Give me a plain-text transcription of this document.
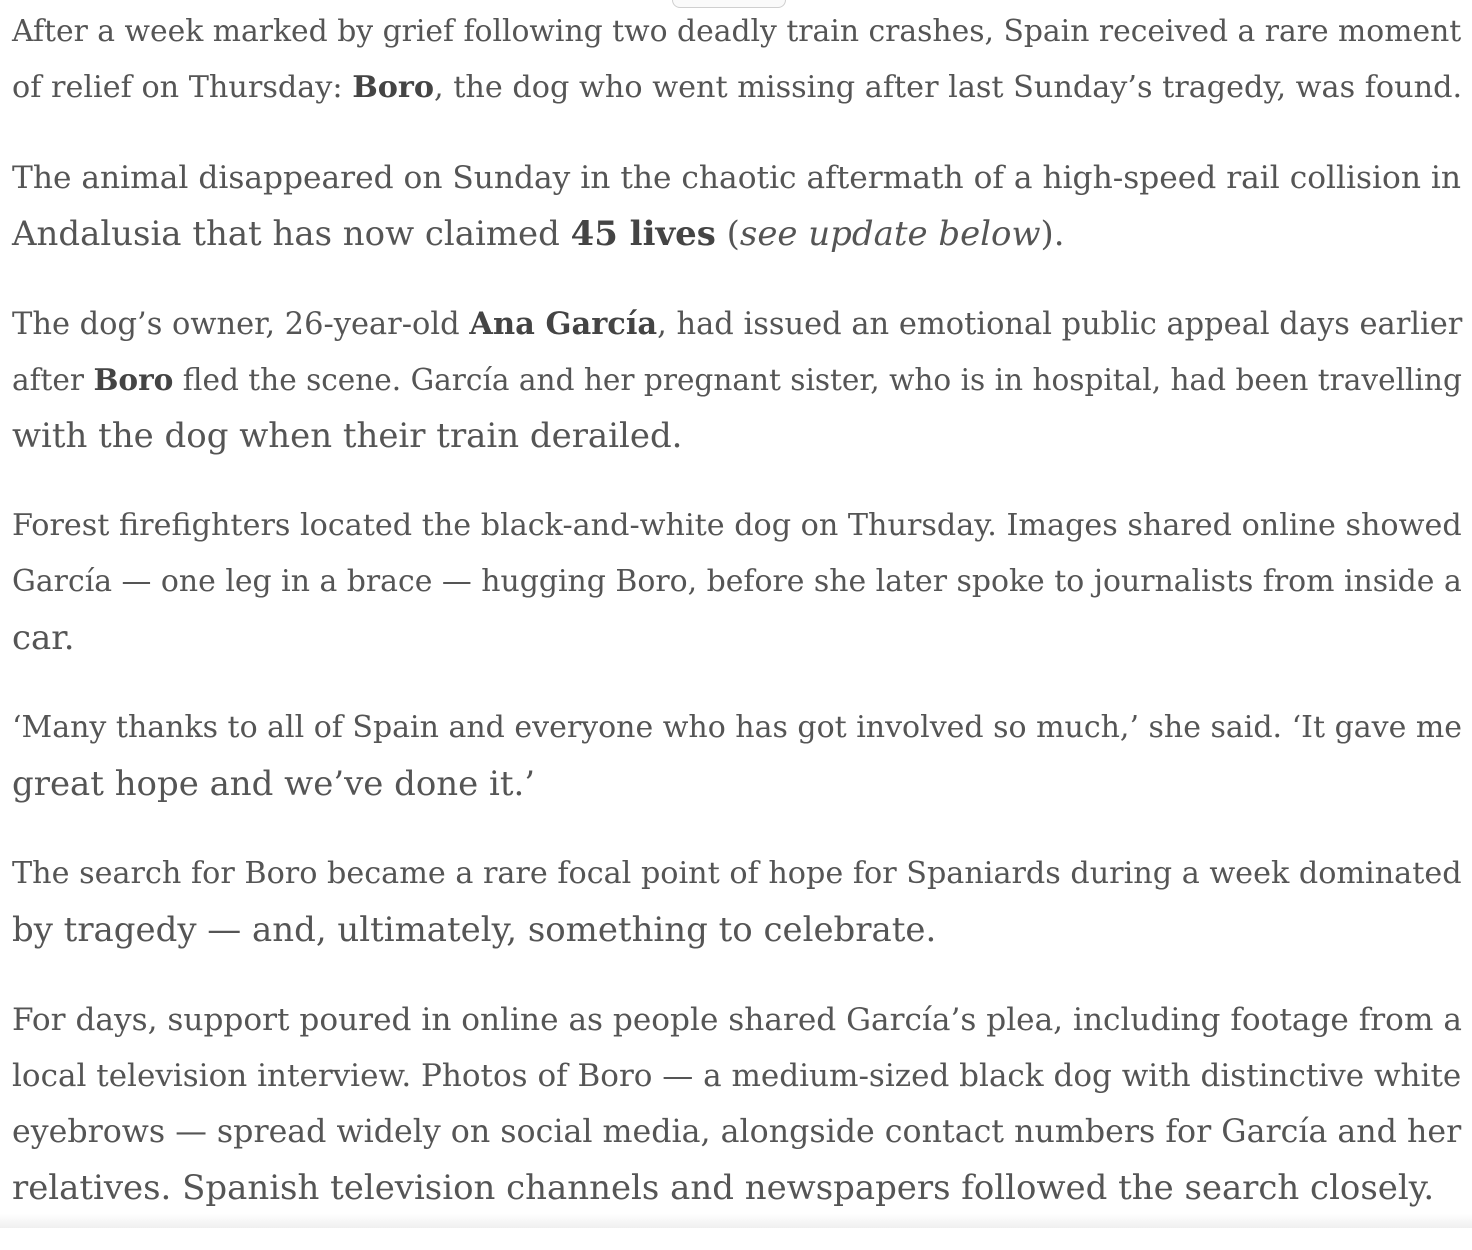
After a week marked by grief following two deadly train crashes, Spain received a rare moment
of relief on Thursday: Boro, the dog who went missing after last Sunday’s tragedy, was found.

The animal disappeared on Sunday in the chaotic aftermath of a high-speed rail collision in
Andalusia that has now claimed 45 lives (see update below).

The dog’s owner, 26-year-old Ana García, had issued an emotional public appeal days earlier
after Boro fled the scene. García and her pregnant sister, who is in hospital, had been travelling
with the dog when their train derailed.

Forest firefighters located the black-and-white dog on Thursday. Images shared online showed
García — one leg in a brace — hugging Boro, before she later spoke to journalists from inside a
car.

‘Many thanks to all of Spain and everyone who has got involved so much,’ she said. ‘It gave me
great hope and we’ve done it.’

The search for Boro became a rare focal point of hope for Spaniards during a week dominated
by tragedy — and, ultimately, something to celebrate.

For days, support poured in online as people shared García’s plea, including footage from a
local television interview. Photos of Boro — a medium-sized black dog with distinctive white
eyebrows — spread widely on social media, alongside contact numbers for García and her
relatives. Spanish television channels and newspapers followed the search closely.
